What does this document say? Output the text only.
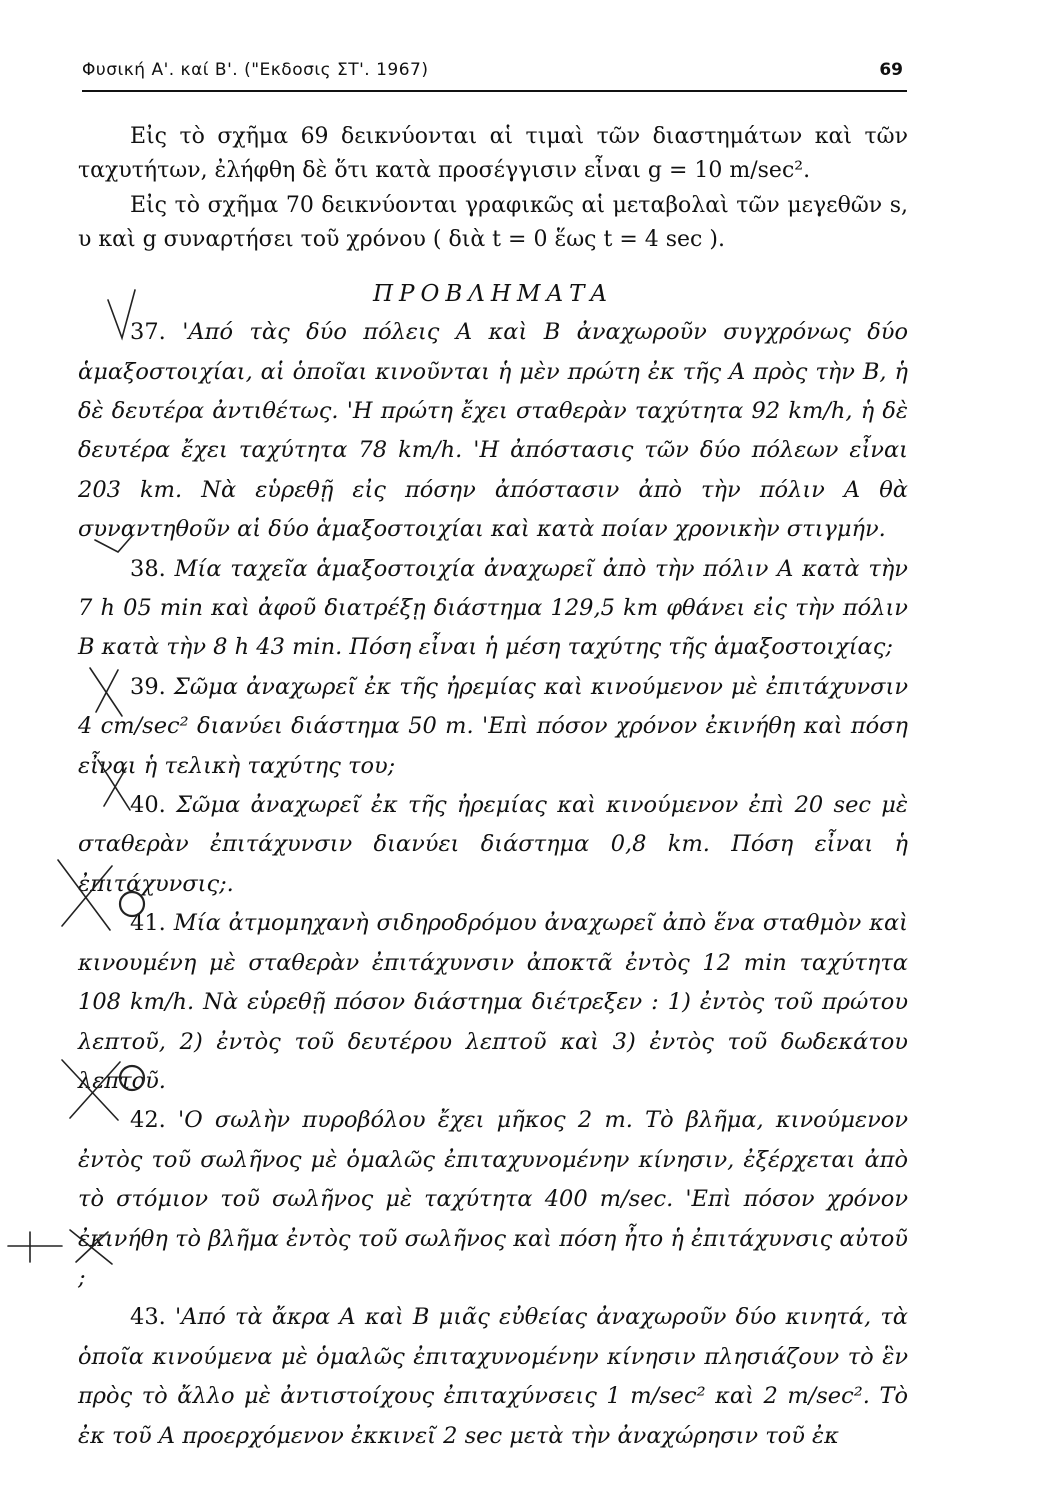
Φυσική Α'. καί Β'. ("Εκδοσις ΣΤ'. 1967)	69

Εἰς τὸ σχῆμα 69 δεικνύονται αἱ τιμαὶ τῶν διαστημάτων καὶ τῶν ταχυτήτων, ἐλήφθη δὲ ὅτι κατὰ προσέγγισιν εἶναι g = 10 m/sec².

Εἰς τὸ σχῆμα 70 δεικνύονται γραφικῶς αἱ μεταβολαὶ τῶν μεγεθῶν s, υ καὶ g συναρτήσει τοῦ χρόνου ( διὰ t = 0 ἕως t = 4 sec ).

ΠΡΟΒΛΗΜΑΤΑ

37. 'Από τὰς δύο πόλεις Α καὶ Β ἀναχωροῦν συγχρόνως δύο ἁμαξοστοιχίαι, αἱ ὁποῖαι κινοῦνται ἡ μὲν πρώτη ἐκ τῆς Α πρὸς τὴν Β, ἡ δὲ δευτέρα ἀντιθέτως. 'Η πρώτη ἔχει σταθερὰν ταχύτητα 92 km/h, ἡ δὲ δευτέρα ἔχει ταχύτητα 78 km/h. 'Η ἀπόστασις τῶν δύο πόλεων εἶναι 203 km. Νὰ εὑρεθῇ εἰς πόσην ἀπόστασιν ἀπὸ τὴν πόλιν Α θὰ συναντηθοῦν αἱ δύο ἁμαξοστοιχίαι καὶ κατὰ ποίαν χρονικὴν στιγμήν.

38. Μία ταχεῖα ἁμαξοστοιχία ἀναχωρεῖ ἀπὸ τὴν πόλιν Α κατὰ τὴν 7 h 05 min καὶ ἀφοῦ διατρέξῃ διάστημα 129,5 km φθάνει εἰς τὴν πόλιν Β κατὰ τὴν 8 h 43 min. Πόση εἶναι ἡ μέση ταχύτης τῆς ἁμαξοστοιχίας;

39. Σῶμα ἀναχωρεῖ ἐκ τῆς ἠρεμίας καὶ κινούμενον μὲ ἐπιτάχυνσιν 4 cm/sec² διανύει διάστημα 50 m. 'Επὶ πόσον χρόνον ἐκινήθη καὶ πόση εἶναι ἡ τελικὴ ταχύτης του;

40. Σῶμα ἀναχωρεῖ ἐκ τῆς ἠρεμίας καὶ κινούμενον ἐπὶ 20 sec μὲ σταθερὰν ἐπιτάχυνσιν διανύει διάστημα 0,8 km. Πόση εἶναι ἡ ἐπιτάχυνσις;.

41. Μία ἀτμομηχανὴ σιδηροδρόμου ἀναχωρεῖ ἀπὸ ἕνα σταθμὸν καὶ κινουμένη μὲ σταθερὰν ἐπιτάχυνσιν ἀποκτᾶ ἐντὸς 12 min ταχύτητα 108 km/h. Νὰ εὑρεθῇ πόσον διάστημα διέτρεξεν : 1) ἐντὸς τοῦ πρώτου λεπτοῦ, 2) ἐντὸς τοῦ δευτέρου λεπτοῦ καὶ 3) ἐντὸς τοῦ δωδεκάτου λεπτοῦ.

42. 'Ο σωλὴν πυροβόλου ἔχει μῆκος 2 m. Τὸ βλῆμα, κινούμενον ἐντὸς τοῦ σωλῆνος μὲ ὁμαλῶς ἐπιταχυνομένην κίνησιν, ἐξέρχεται ἀπὸ τὸ στόμιον τοῦ σωλῆνος μὲ ταχύτητα 400 m/sec. 'Επὶ πόσον χρόνον ἐκινήθη τὸ βλῆμα ἐντὸς τοῦ σωλῆνος καὶ πόση ἦτο ἡ ἐπιτάχυνσις αὐτοῦ ;

43. 'Από τὰ ἄκρα Α καὶ Β μιᾶς εὐθείας ἀναχωροῦν δύο κινητά, τὰ ὁποῖα κινούμενα μὲ ὁμαλῶς ἐπιταχυνομένην κίνησιν πλησιάζουν τὸ ἓν πρὸς τὸ ἄλλο μὲ ἀντιστοίχους ἐπιταχύνσεις 1 m/sec² καὶ 2 m/sec². Τὸ ἐκ τοῦ Α προερχόμενον ἐκκινεῖ 2 sec μετὰ τὴν ἀναχώρησιν τοῦ ἐκ
